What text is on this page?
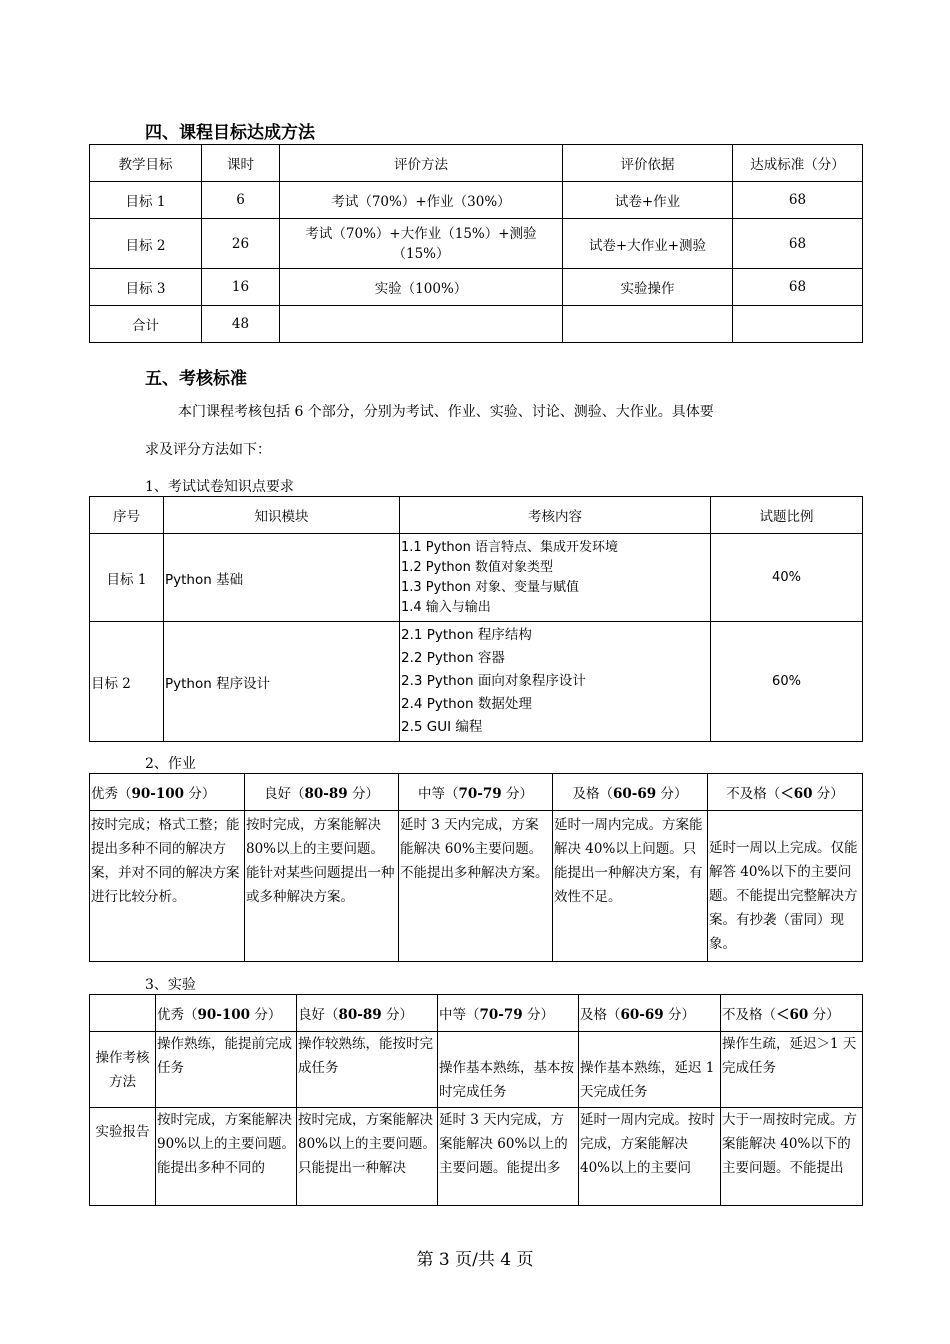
四、课程目标达成方法
教学目标	课时	评价方法	评价依据	达成标准（分）
目标 1	6	考试（70%）+作业（30%）	试卷+作业	68
目标 2	26	考试（70%）+大作业（15%）+测验（15%）	试卷+大作业+测验	68
目标 3	16	实验（100%）	实验操作	68
合计	48			
五、考核标准
本门课程考核包括 6 个部分，分别为考试、作业、实验、讨论、测验、大作业。具体要
求及评分方法如下：
1、考试试卷知识点要求
序号	知识模块	考核内容	试题比例
目标 1	Python 基础	1.1 Python 语言特点、集成开发环境
1.2 Python 数值对象类型
1.3 Python 对象、变量与赋值
1.4 输入与输出	40%
目标 2	Python 程序设计	2.1 Python 程序结构
2.2 Python 容器
2.3 Python 面向对象程序设计
2.4 Python 数据处理
2.5 GUI 编程	60%
2、作业
优秀（90-100 分）	良好（80-89 分）	中等（70-79 分）	及格（60-69 分）	不及格（＜60 分）
按时完成；格式工整；能提出多种不同的解决方案，并对不同的解决方案进行比较分析。	按时完成，方案能解决 80%以上的主要问题。能针对某些问题提出一种或多种解决方案。	延时 3 天内完成，方案能解决 60%主要问题。不能提出多种解决方案。	延时一周内完成。方案能解决 40%以上问题。只能提出一种解决方案，有效性不足。	延时一周以上完成。仅能解答 40%以下的主要问题。不能提出完整解决方案。有抄袭（雷同）现象。
3、实验
	优秀（90-100 分）	良好（80-89 分）	中等（70-79 分）	及格（60-69 分）	不及格（＜60 分）
操作考核方法	操作熟练，能提前完成任务	操作较熟练，能按时完成任务	操作基本熟练，基本按时完成任务	操作基本熟练，延迟 1 天完成任务	操作生疏，延迟＞1 天完成任务
实验报告	按时完成，方案能解决 90%以上的主要问题。能提出多种不同的	按时完成，方案能解决 80%以上的主要问题。只能提出一种解决	延时 3 天内完成，方案能解决 60%以上的主要问题。能提出多	延时一周内完成。按时完成，方案能解决 40%以上的主要问	大于一周按时完成。方案能解决 40%以下的主要问题。不能提出
第 3 页/共 4 页
